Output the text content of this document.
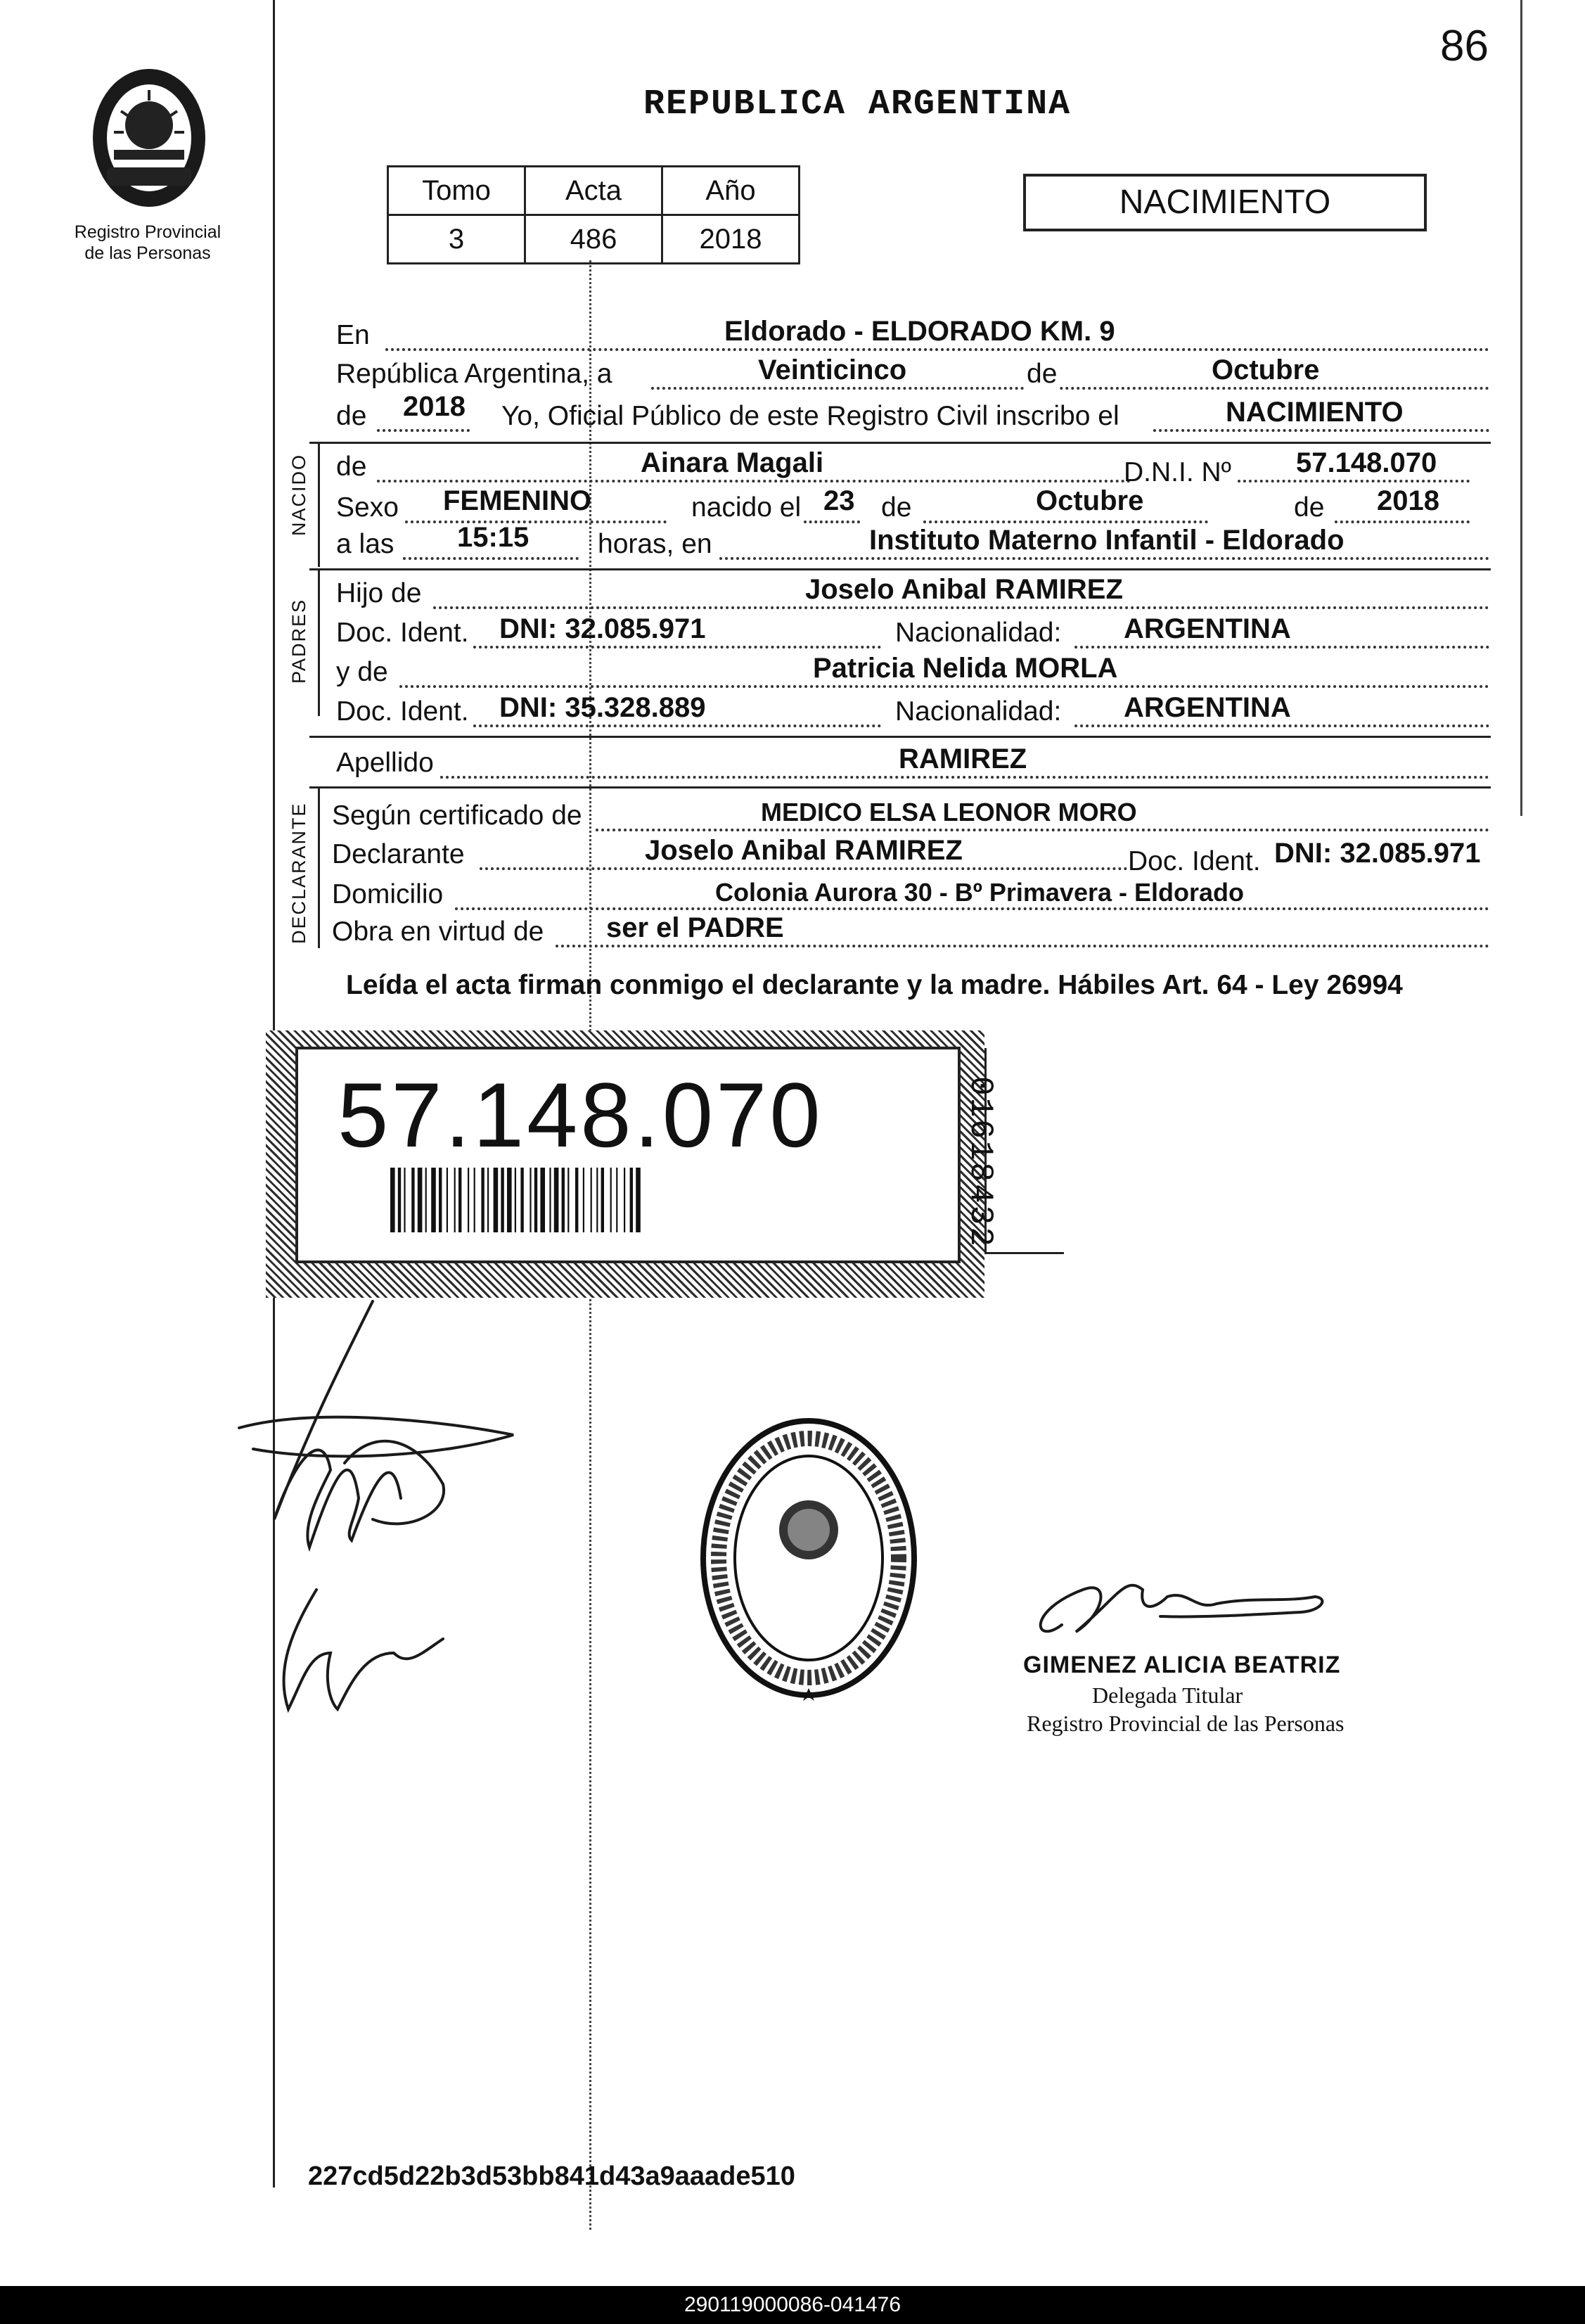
86
REPUBLICA ARGENTINA
Registro Provincial
de las Personas
Tomo	Acta	Año
3	486	2018
NACIMIENTO
En	Eldorado - ELDORADO KM. 9
República Argentina, a	Veinticinco	de	Octubre
de 2018 Yo, Oficial Público de este Registro Civil inscribo el	NACIMIENTO
NACIDO de	Ainara Magali	D.N.I. Nº 57.148.070
Sexo FEMENINO	nacido el 23 de	Octubre	de 2018
a las 15:15	horas, en	Instituto Materno Infantil - Eldorado
PADRES
Hijo de	Joselo Anibal RAMIREZ
Doc. Ident. DNI: 32.085.971	Nacionalidad: ARGENTINA
y de	Patricia Nelida MORLA
Doc. Ident. DNI: 35.328.889	Nacionalidad: ARGENTINA
Apellido	RAMIREZ
DECLARANTE Según certificado de	MEDICO ELSA LEONOR MORO
Declarante	Joselo Anibal RAMIREZ	Doc. Ident. DNI: 32.085.971
Domicilio	Colonia Aurora 30 - Bº Primavera - Eldorado
Obra en virtud de ser el PADRE
Leída el acta firman conmigo el declarante y la madre. Hábiles Art. 64 - Ley 26994
57.148.070	01618432
GIMENEZ ALICIA BEATRIZ
Delegada Titular
Registro Provincial de las Personas
227cd5d22b3d53bb841d43a9aaade510
290119000086-041476
